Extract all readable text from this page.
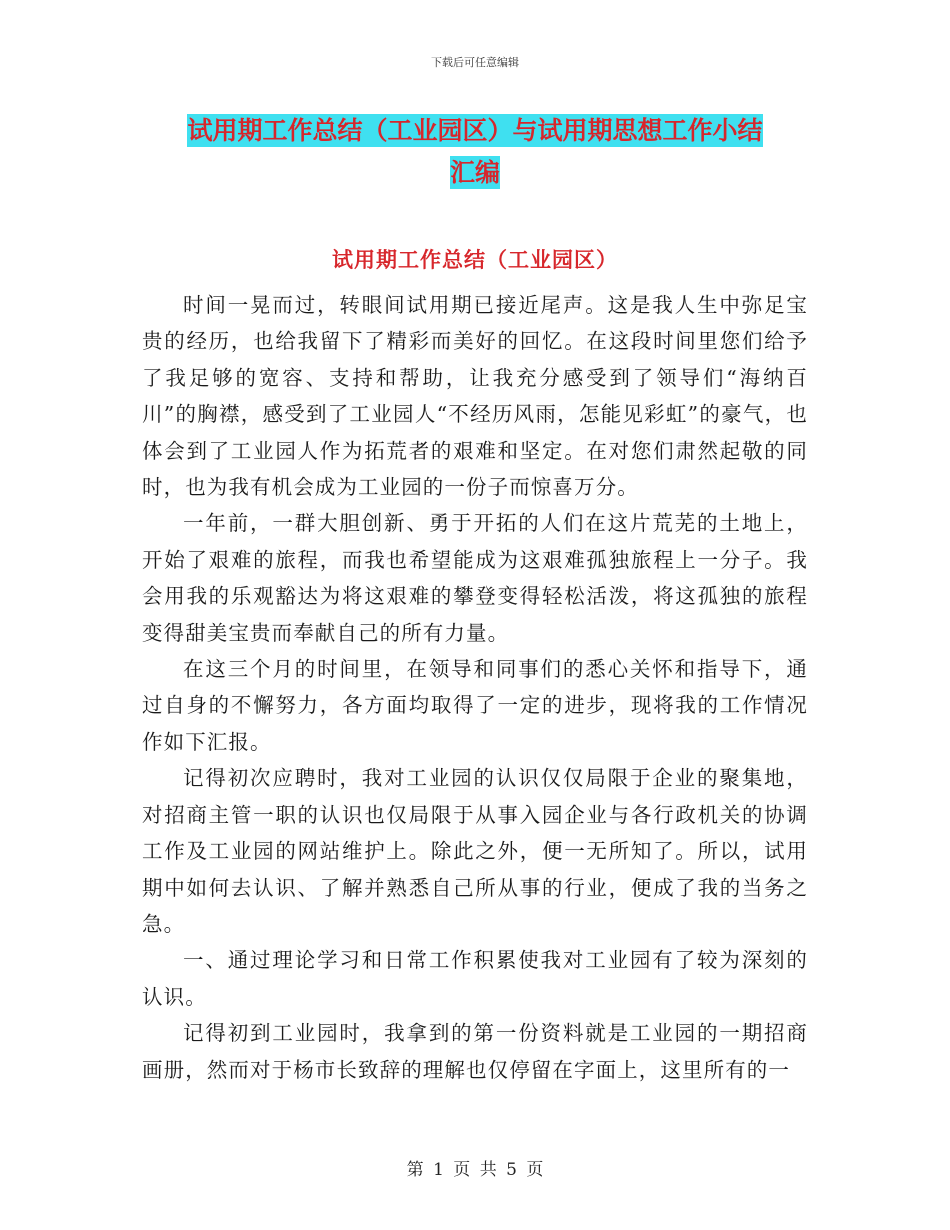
下载后可任意编辑
试用期工作总结（工业园区）与试用期思想工作小结
汇编
试用期工作总结（工业园区）

时间一晃而过，转眼间试用期已接近尾声。这是我人生中弥足宝贵的经历，也给我留下了精彩而美好的回忆。在这段时间里您们给予了我足够的宽容、支持和帮助，让我充分感受到了领导们“海纳百川”的胸襟，感受到了工业园人“不经历风雨，怎能见彩虹”的豪气，也体会到了工业园人作为拓荒者的艰难和坚定。在对您们肃然起敬的同时，也为我有机会成为工业园的一份子而惊喜万分。

一年前，一群大胆创新、勇于开拓的人们在这片荒芜的土地上，开始了艰难的旅程，而我也希望能成为这艰难孤独旅程上一分子。我会用我的乐观豁达为将这艰难的攀登变得轻松活泼，将这孤独的旅程变得甜美宝贵而奉献自己的所有力量。

在这三个月的时间里，在领导和同事们的悉心关怀和指导下，通过自身的不懈努力，各方面均取得了一定的进步，现将我的工作情况作如下汇报。

记得初次应聘时，我对工业园的认识仅仅局限于企业的聚集地，对招商主管一职的认识也仅局限于从事入园企业与各行政机关的协调工作及工业园的网站维护上。除此之外，便一无所知了。所以，试用期中如何去认识、了解并熟悉自己所从事的行业，便成了我的当务之急。

一、通过理论学习和日常工作积累使我对工业园有了较为深刻的认识。

记得初到工业园时，我拿到的第一份资料就是工业园的一期招商画册，然而对于杨市长致辞的理解也仅停留在字面上，这里所有的一

第 1 页 共 5 页
